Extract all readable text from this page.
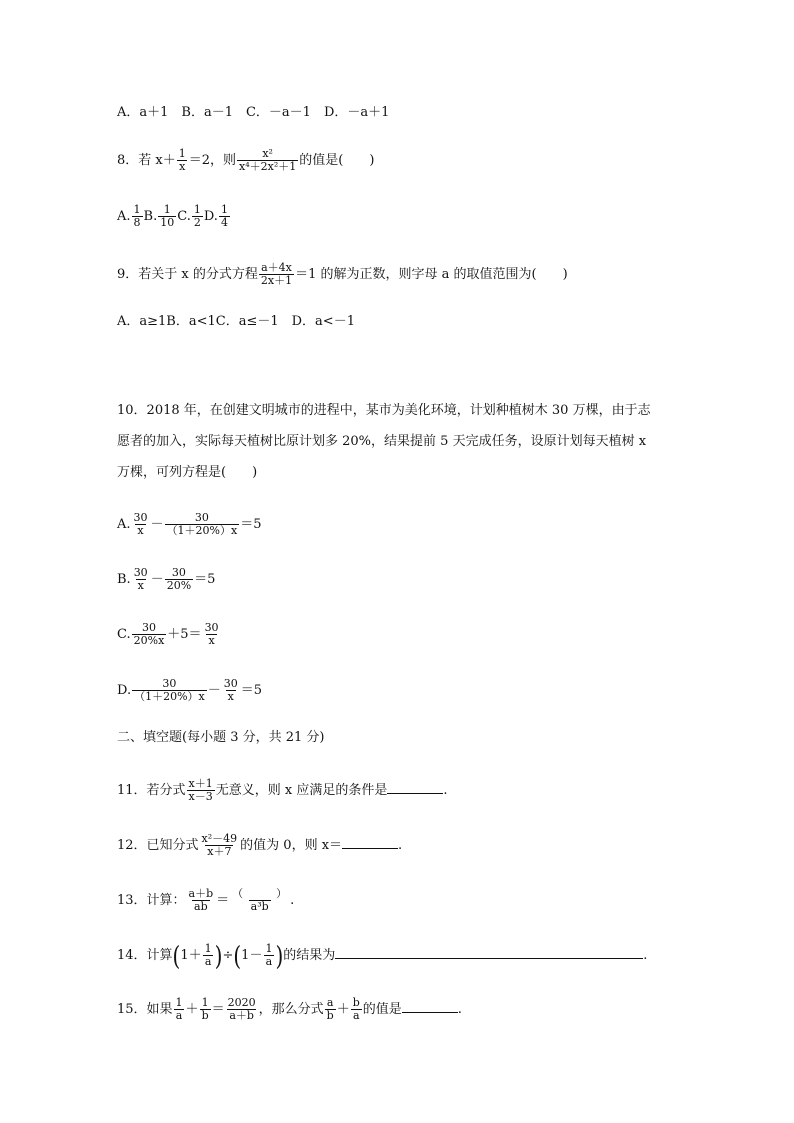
A．a＋1　B．a－1　C．－a－1　D．－a＋1
8．若 $x+ \frac{1}{x} =2$，则 $\frac{\text{x²}}{\text{x⁴＋2x²＋1}}$ 的值是(　　)
A. $\frac{1}{8} B$. $\frac{1}{10} C$. $\frac{1}{2} D$. $\frac{1}{4}$
9．若关于 x 的分式方程 $\frac{a+4x}{2x+1} =1$ 的解为正数，则字母 a 的取值范围为(　　)
A．a≥1B．a<1C．a≤－1　D．a<－1
10．2018 年，在创建文明城市的进程中，某市为美化环境，计划种植树木 30 万棵，由于志
愿者的加入，实际每天植树比原计划多 20%，结果提前 5 天完成任务，设原计划每天植树 x
万棵，可列方程是(　　)
A. $\frac{30}{x} - \frac{30}{(1+20\%)x} =5$
B. $\frac{30}{x} - \frac{30}{20\%} =5$
C. $\frac{30}{20\%x} +5= \frac{30}{x}$
D. $\frac{30}{(1+20\%)x} - \frac{30}{x} =5$
二、填空题(每小题 3 分，共 21 分)
11．若分式 $\frac{x+1}{x-3}$ 无意义，则 x 应满足的条件是	.
12．已知分式 $\frac{\text{x²－49}}{x+7}$ 的值为 0，则 x＝	.
13．计算： $\frac{a+b}{ab} = \frac{( )}{\text{a³b}}$ .
14．计算$(1+ \frac{1}{a} )\div(1- \frac{1}{a}$ )的结果为	.
15．如果 $\frac{1}{a} + \frac{1}{b} = \frac{2020}{a+b}$ ，那么分式 $\frac{a}{b} + \frac{b}{a}$ 的值是	.
